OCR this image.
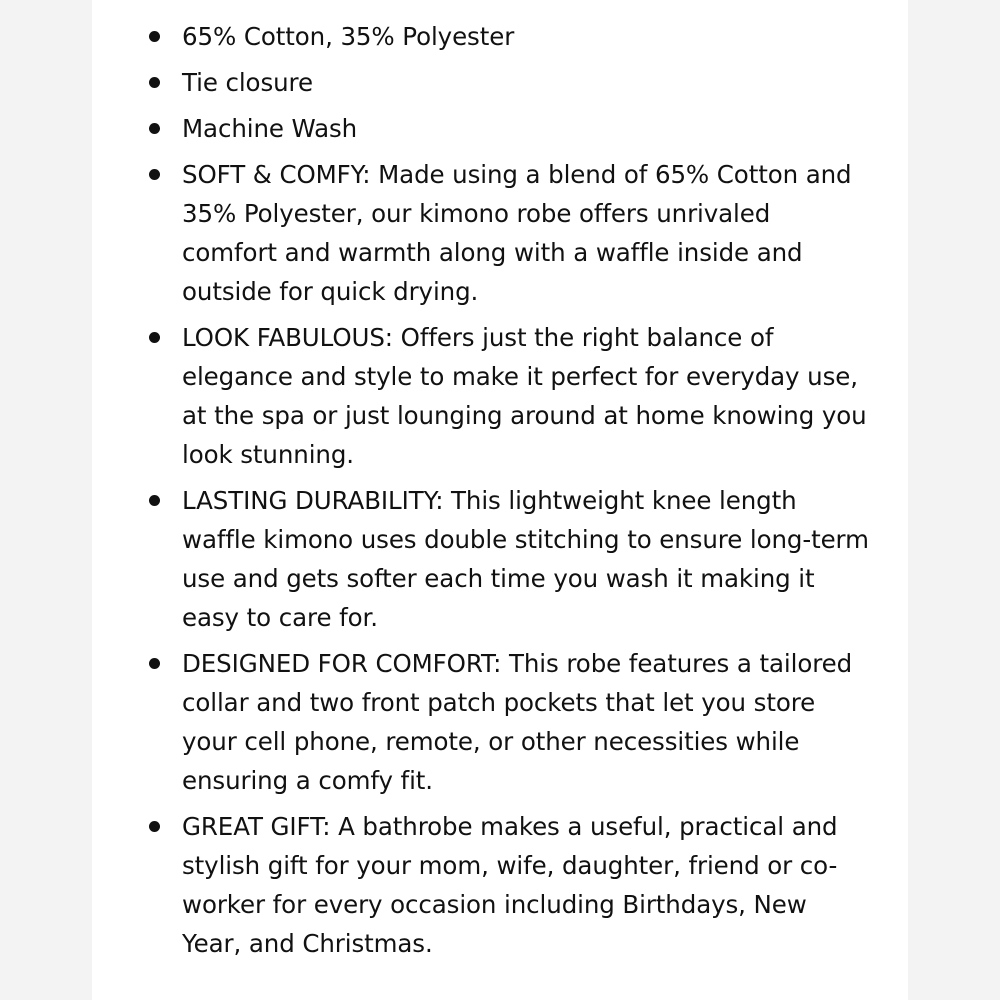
65% Cotton, 35% Polyester
Tie closure
Machine Wash
SOFT & COMFY: Made using a blend of 65% Cotton and 35% Polyester, our kimono robe offers unrivaled comfort and warmth along with a waffle inside and outside for quick drying.
LOOK FABULOUS: Offers just the right balance of elegance and style to make it perfect for everyday use, at the spa or just lounging around at home knowing you look stunning.
LASTING DURABILITY: This lightweight knee length waffle kimono uses double stitching to ensure long-term use and gets softer each time you wash it making it easy to care for.
DESIGNED FOR COMFORT: This robe features a tailored collar and two front patch pockets that let you store your cell phone, remote, or other necessities while ensuring a comfy fit.
GREAT GIFT: A bathrobe makes a useful, practical and stylish gift for your mom, wife, daughter, friend or co-worker for every occasion including Birthdays, New Year, and Christmas.
